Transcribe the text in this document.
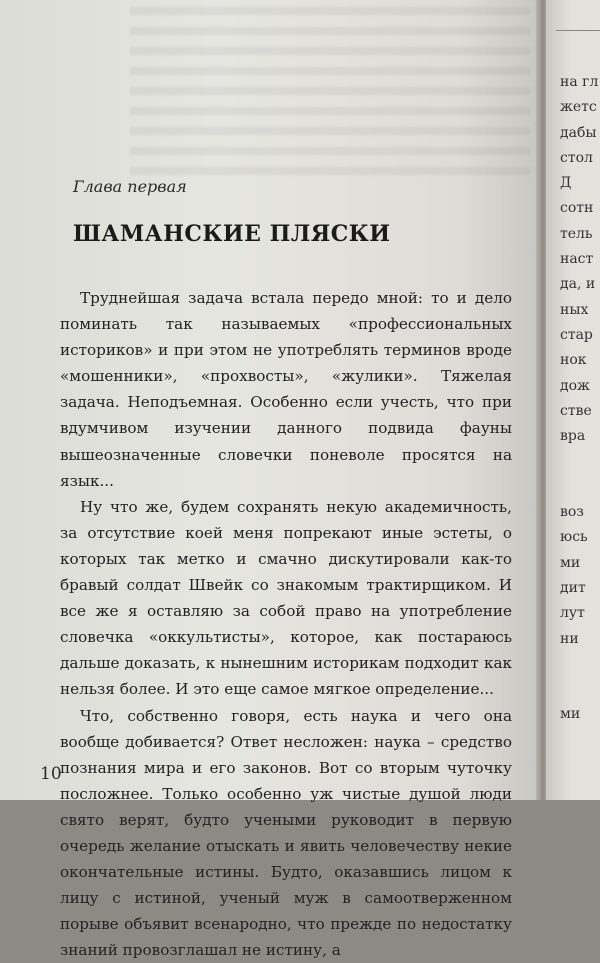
Глава первая
ШАМАНСКИЕ ПЛЯСКИ

Труднейшая задача встала передо мной: то и дело поминать так называемых «профессиональных историков» и при этом не употреблять терминов вроде «мошенники», «прохвосты», «жулики». Тяжелая задача. Неподъемная. Особенно если учесть, что при вдумчивом изучении данного подвида фауны вышеозначенные словечки поневоле просятся на язык...

Ну что же, будем сохранять некую академичность, за отсутствие коей меня попрекают иные эстеты, о которых так метко и смачно дискутировали как-то бравый солдат Швейк со знакомым трактирщиком. И все же я оставляю за собой право на употребление словечка «оккультисты», которое, как постараюсь дальше доказать, к нынешним историкам подходит как нельзя более. И это еще самое мягкое определение...

Что, собственно говоря, есть наука и чего она вообще добивается? Ответ несложен: наука – средство познания мира и его законов. Вот со вторым чуточку посложнее. Только особенно уж чистые душой люди свято верят, будто учеными руководит в первую очередь желание отыскать и явить человечеству некие окончательные истины. Будто, оказавшись лицом к лицу с истиной, ученый муж в самоотверженном порыве объявит всенародно, что прежде по недостатку знаний провозглашал не истину, а

10
на гл
жетс
дабы
стол
Д
сотн
тель
наст
да, и
ных
стар
нок
дож
стве
вра
воз
юсь
ми
дит
лут
ни
ми
